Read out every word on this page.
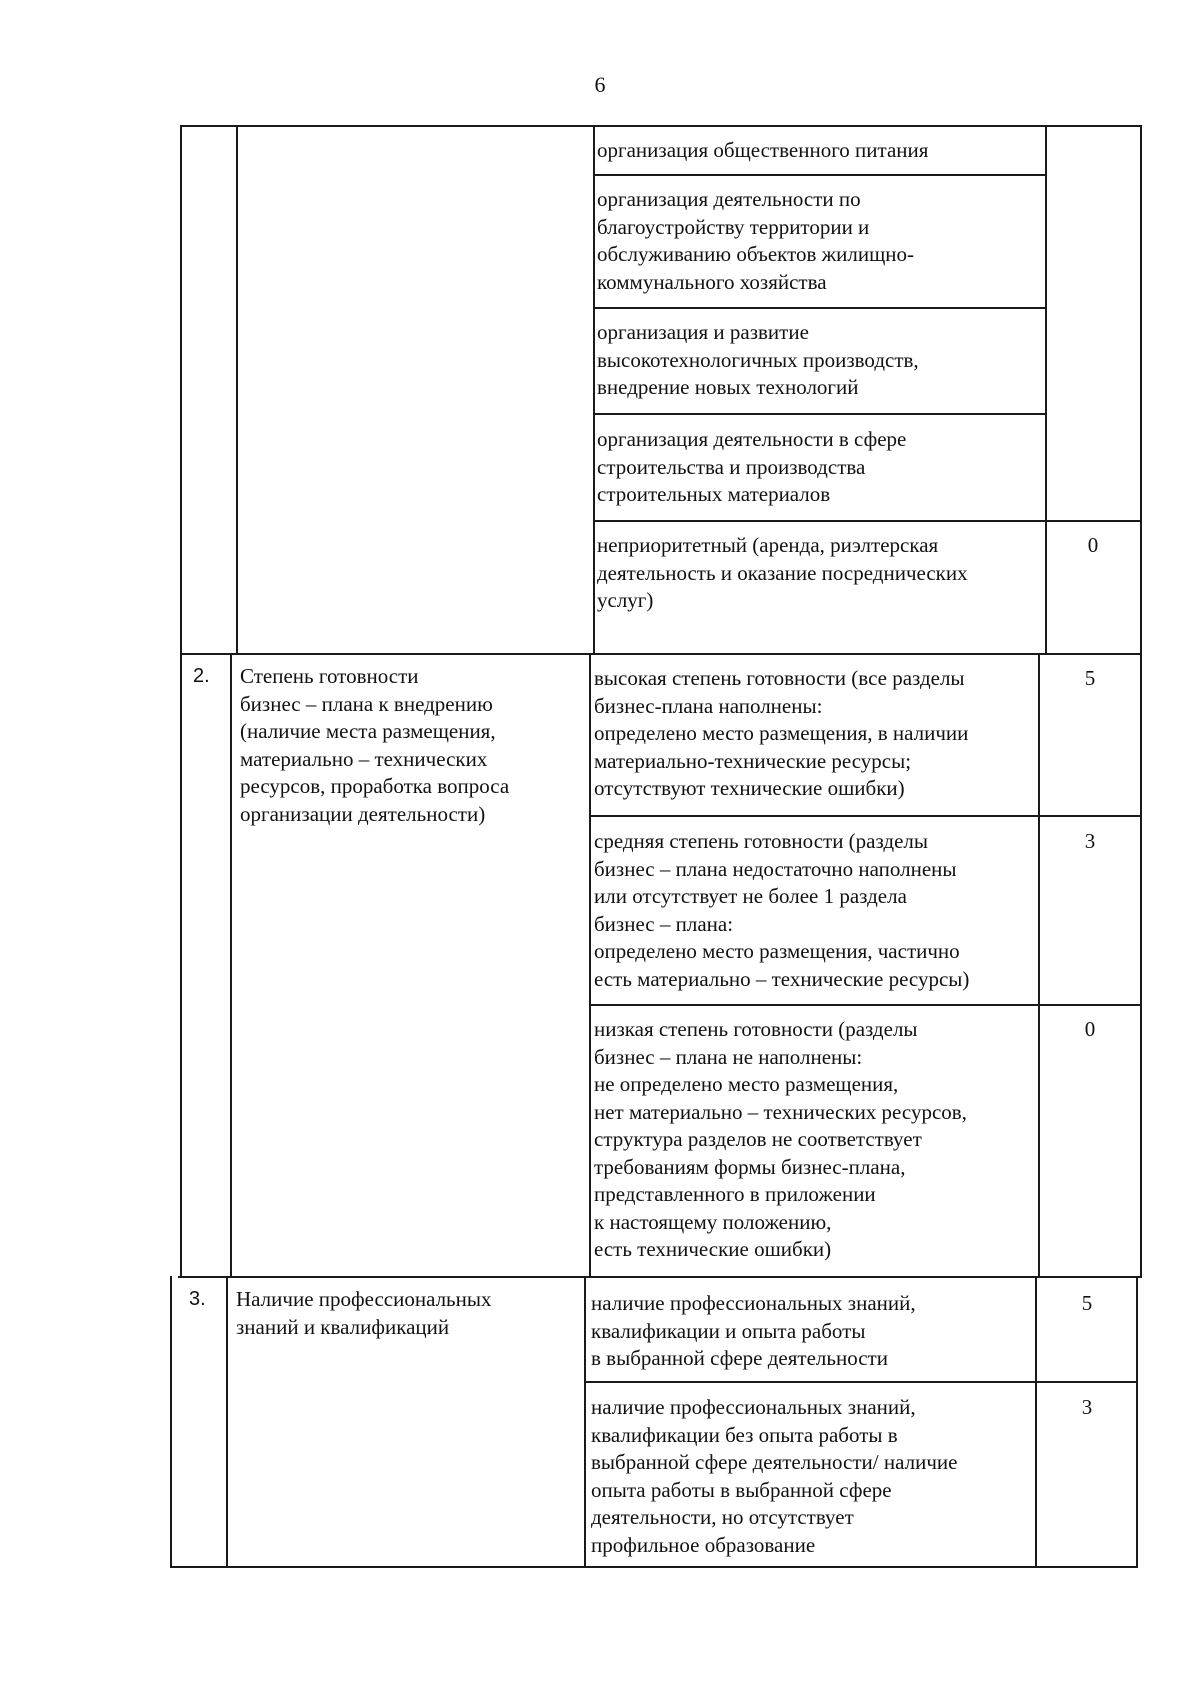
6
организация общественного питания
организация деятельности по
благоустройству территории и
обслуживанию объектов жилищно-
коммунального хозяйства
организация и развитие
высокотехнологичных производств,
внедрение новых технологий
организация деятельности в сфере
строительства и производства
строительных материалов
неприоритетный (аренда, риэлтерская
деятельность и оказание посреднических
услуг)
0
2. Степень готовности
бизнес – плана к внедрению
(наличие места размещения,
материально – технических
ресурсов, проработка вопроса
организации деятельности)
высокая степень готовности (все разделы
бизнес-плана наполнены:
определено место размещения, в наличии
материально-технические ресурсы;
отсутствуют технические ошибки)
5
средняя степень готовности (разделы
бизнес – плана недостаточно наполнены
или отсутствует не более 1 раздела
бизнес – плана:
определено место размещения, частично
есть материально – технические ресурсы)
3
низкая степень готовности (разделы
бизнес – плана не наполнены:
не определено место размещения,
нет материально – технических ресурсов,
структура разделов не соответствует
требованиям формы бизнес-плана,
представленного в приложении
к настоящему положению,
есть технические ошибки)
0
3. Наличие профессиональных
знаний и квалификаций
наличие профессиональных знаний,
квалификации и опыта работы
в выбранной сфере деятельности
5
наличие профессиональных знаний,
квалификации без опыта работы в
выбранной сфере деятельности/ наличие
опыта работы в выбранной сфере
деятельности, но отсутствует
профильное образование
3
